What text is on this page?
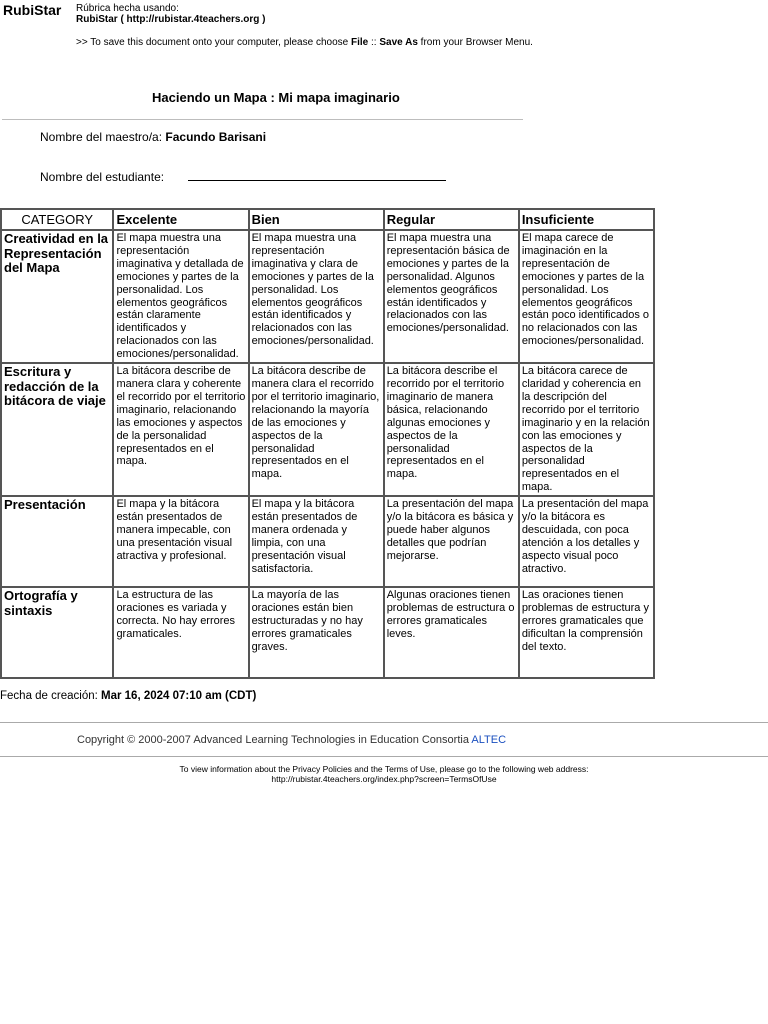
RubiStar Rúbrica hecha usando:
RubiStar ( http://rubistar.4teachers.org )
>> To save this document onto your computer, please choose File :: Save As from your Browser Menu.
Haciendo un Mapa : Mi mapa imaginario
Nombre del maestro/a: Facundo Barisani
Nombre del estudiante:
CATEGORY	Excelente	Bien	Regular	Insuficiente
Creatividad en la Representación del Mapa	El mapa muestra una representación imaginativa y detallada de emociones y partes de la personalidad. Los elementos geográficos están claramente identificados y relacionados con las emociones/personalidad.	El mapa muestra una representación imaginativa y clara de emociones y partes de la personalidad. Los elementos geográficos están identificados y relacionados con las emociones/personalidad.	El mapa muestra una representación básica de emociones y partes de la personalidad. Algunos elementos geográficos están identificados y relacionados con las emociones/personalidad.	El mapa carece de imaginación en la representación de emociones y partes de la personalidad. Los elementos geográficos están poco identificados o no relacionados con las emociones/personalidad.
Escritura y redacción de la bitácora de viaje	La bitácora describe de manera clara y coherente el recorrido por el territorio imaginario, relacionando las emociones y aspectos de la personalidad representados en el mapa.	La bitácora describe de manera clara el recorrido por el territorio imaginario, relacionando la mayoría de las emociones y aspectos de la personalidad representados en el mapa.	La bitácora describe el recorrido por el territorio imaginario de manera básica, relacionando algunas emociones y aspectos de la personalidad representados en el mapa.	La bitácora carece de claridad y coherencia en la descripción del recorrido por el territorio imaginario y en la relación con las emociones y aspectos de la personalidad representados en el mapa.
Presentación	El mapa y la bitácora están presentados de manera impecable, con una presentación visual atractiva y profesional.	El mapa y la bitácora están presentados de manera ordenada y limpia, con una presentación visual satisfactoria.	La presentación del mapa y/o la bitácora es básica y puede haber algunos detalles que podrían mejorarse.	La presentación del mapa y/o la bitácora es descuidada, con poca atención a los detalles y aspecto visual poco atractivo.
Ortografía y sintaxis	La estructura de las oraciones es variada y correcta. No hay errores gramaticales.	La mayoría de las oraciones están bien estructuradas y no hay errores gramaticales graves.	Algunas oraciones tienen problemas de estructura o errores gramaticales leves.	Las oraciones tienen problemas de estructura y errores gramaticales que dificultan la comprensión del texto.
Fecha de creación: Mar 16, 2024 07:10 am (CDT)
Copyright © 2000-2007 Advanced Learning Technologies in Education Consortia ALTEC
To view information about the Privacy Policies and the Terms of Use, please go to the following web address:
http://rubistar.4teachers.org/index.php?screen=TermsOfUse
